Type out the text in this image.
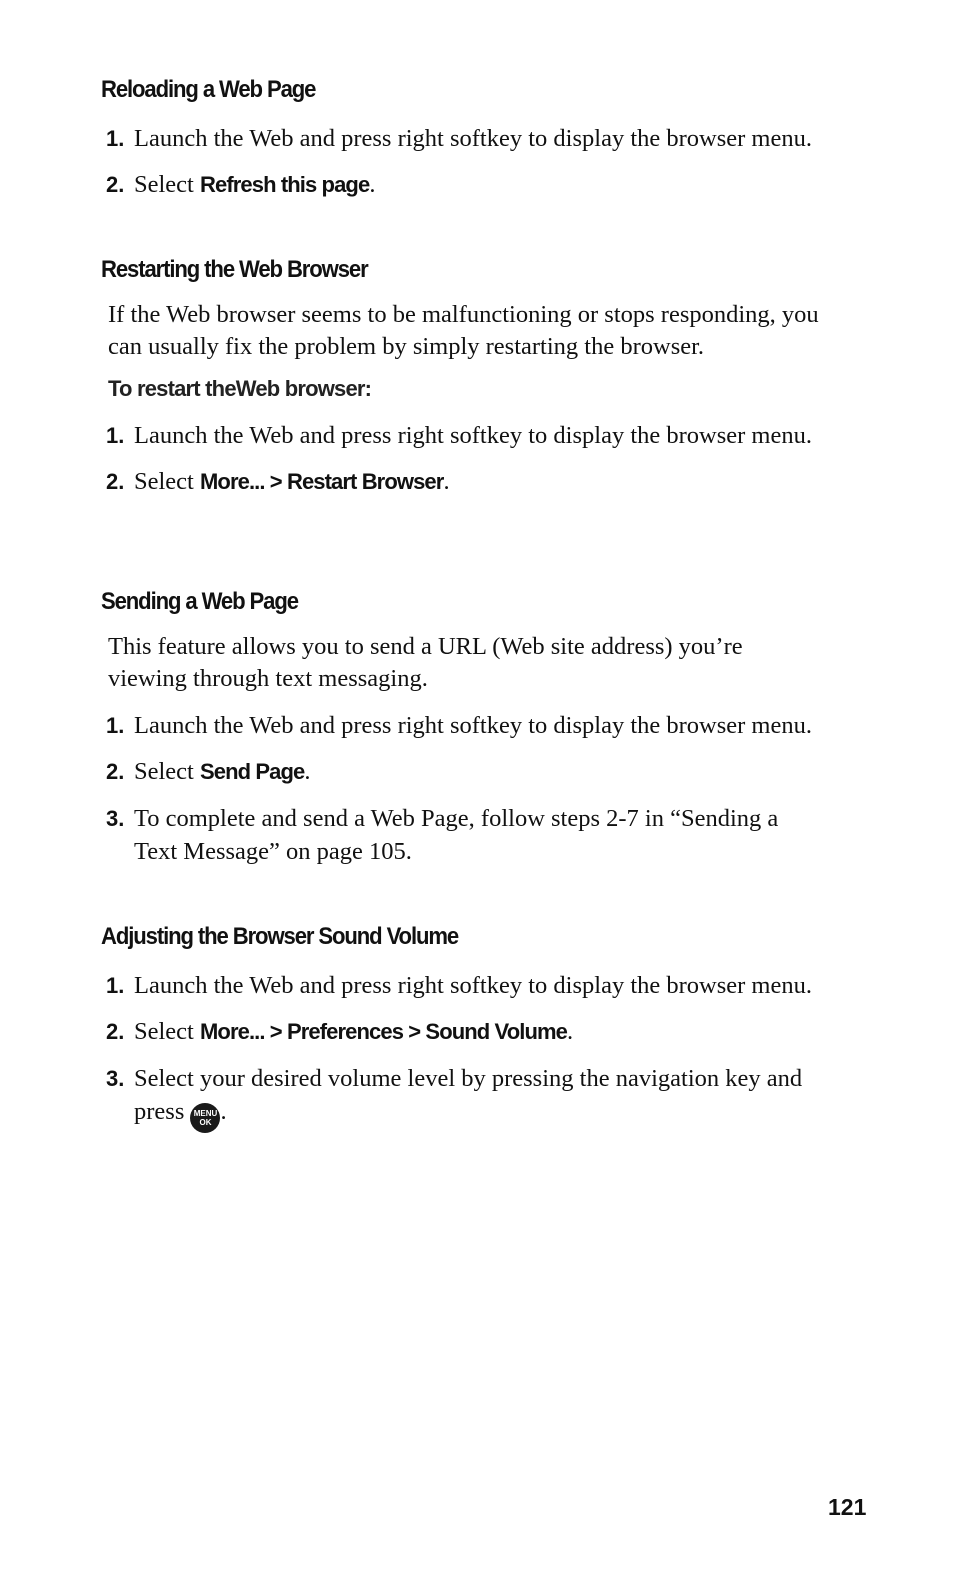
Reloading a Web Page
1. Launch the Web and press right softkey to display the browser menu.
2. Select Refresh this page.
Restarting the Web Browser
If the Web browser seems to be malfunctioning or stops responding, you can usually fix the problem by simply restarting the browser.
To restart theWeb browser:
1. Launch the Web and press right softkey to display the browser menu.
2. Select More... > Restart Browser.
Sending a Web Page
This feature allows you to send a URL (Web site address) you’re viewing through text messaging.
1. Launch the Web and press right softkey to display the browser menu.
2. Select Send Page.
3. To complete and send a Web Page, follow steps 2-7 in “Sending a Text Message” on page 105.
Adjusting the Browser Sound Volume
1. Launch the Web and press right softkey to display the browser menu.
2. Select More... > Preferences > Sound Volume.
3. Select your desired volume level by pressing the navigation key and press MENU
OK .
121
